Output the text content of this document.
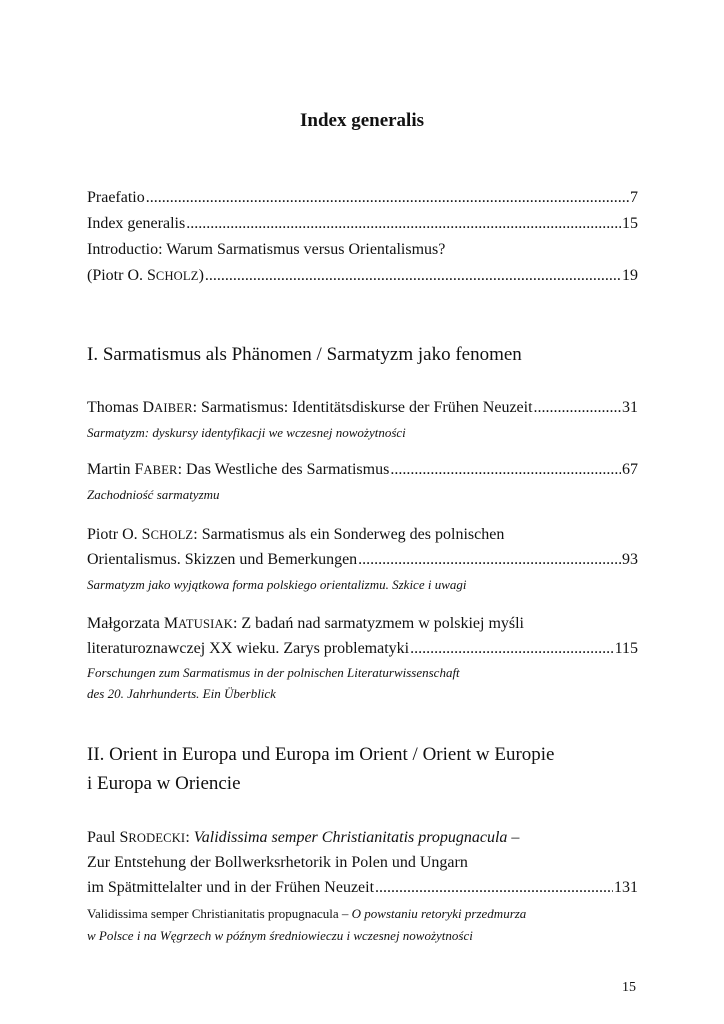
Index generalis
Praefatio .....	7
Index generalis .....	15
Introductio: Warum Sarmatismus versus Orientalismus?
(Piotr O. SCHOLZ) .....	19
I. Sarmatismus als Phänomen / Sarmatyzm jako fenomen
Thomas DAIBER: Sarmatismus: Identitätsdiskurse der Frühen Neuzeit .....	31
Sarmatyzm: dyskursy identyfikacji we wczesnej nowożytności
Martin FABER: Das Westliche des Sarmatismus .....	67
Zachodniość sarmatyzmu
Piotr O. SCHOLZ: Sarmatismus als ein Sonderweg des polnischen
Orientalismus. Skizzen und Bemerkungen .....	93
Sarmatyzm jako wyjątkowa forma polskiego orientalizmu. Szkice i uwagi
Małgorzata MATUSIAK: Z badań nad sarmatyzmem w polskiej myśli
literaturoznawczej XX wieku. Zarys problematyki .....	115
Forschungen zum Sarmatismus in der polnischen Literaturwissenschaft
des 20. Jahrhunderts. Ein Überblick
II. Orient in Europa und Europa im Orient / Orient w Europie
i Europa w Oriencie
Paul SRODECKI: Validissima semper Christianitatis propugnacula –
Zur Entstehung der Bollwerksrhetorik in Polen und Ungarn
im Spätmittelalter und in der Frühen Neuzeit .....	131
Validissima semper Christianitatis propugnacula – O powstaniu retoryki przedmurza
w Polsce i na Węgrzech w późnym średniowieczu i wczesnej nowożytności
15
